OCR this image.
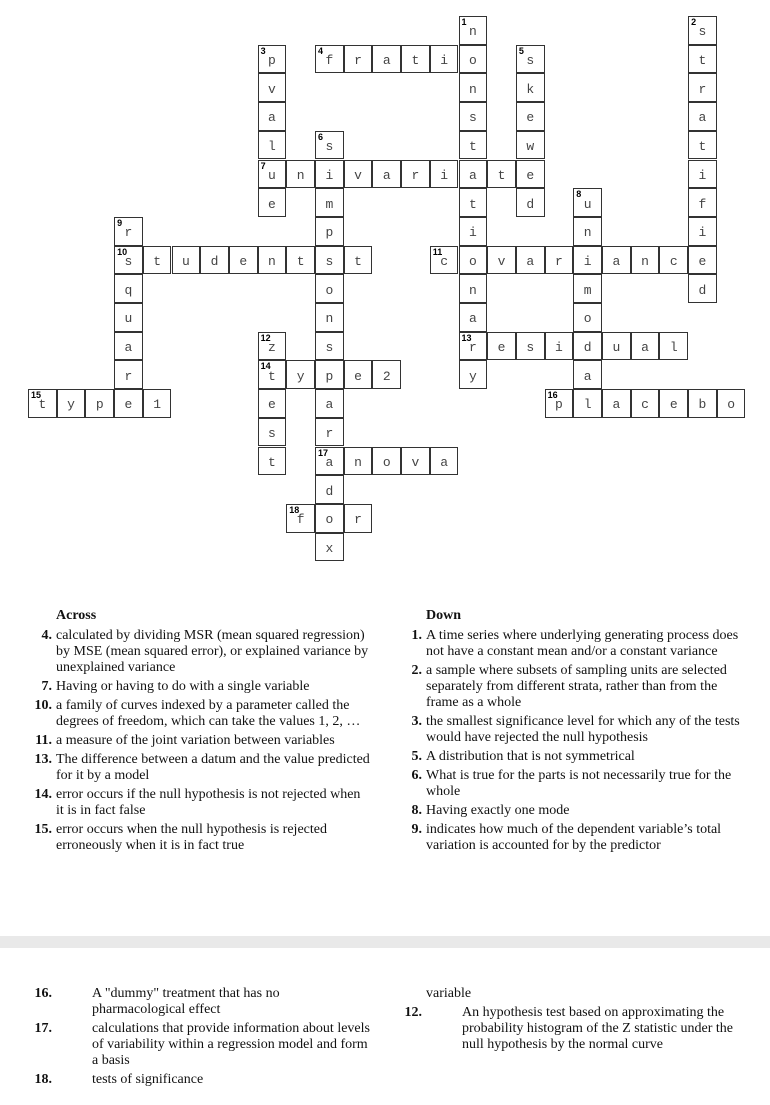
1
n
o
n
s
t
a
t
i
o
n
a
13
r
y
2
s
t
r
a
t
i
f
i
e
d
3
p
v
a
l
7
u
e
4
f r a t i
5
s
k
e
w
e
d
6
s
i
m
p
s
o
n
s
p
a
r
17
a
d
o
x
n	v a r i	t
8
u
n
i
m
o
d
a
l
9
r
10
s
q
u
a
r
e
t u d e n t	t
11
c	v a r	a n c
12
z
14
t
e
s
t
e s i	u a l
y	e 2
15
t y p	1
16
p	a c e b o
n o v a
18
f	r
Across
4. calculated by dividing MSR (mean squared regression) by MSE (mean squared error), or explained variance by unexplained variance
7. Having or having to do with a single variable
10. a family of curves indexed by a parameter called the degrees of freedom, which can take the values 1, 2, …
11. a measure of the joint variation between variables
13. The difference between a datum and the value predicted for it by a model
14. error occurs if the null hypothesis is not rejected when it is in fact false
15. error occurs when the null hypothesis is rejected erroneously when it is in fact true
Down
1. A time series where underlying generating process does not have a constant mean and/or a constant variance
2. a sample where subsets of sampling units are selected separately from different strata, rather than from the frame as a whole
3. the smallest significance level for which any of the tests would have rejected the null hypothesis
5. A distribution that is not symmetrical
6. What is true for the parts is not necessarily true for the whole
8. Having exactly one mode
9. indicates how much of the dependent variable’s total variation is accounted for by the predictor
16.	A "dummy" treatment that has no pharmacological effect
17.	calculations that provide information about levels of variability within a regression model and form a basis
18.	tests of significance
variable
12.	An hypothesis test based on approximating the probability histogram of the Z statistic under the null hypothesis by the normal curve
